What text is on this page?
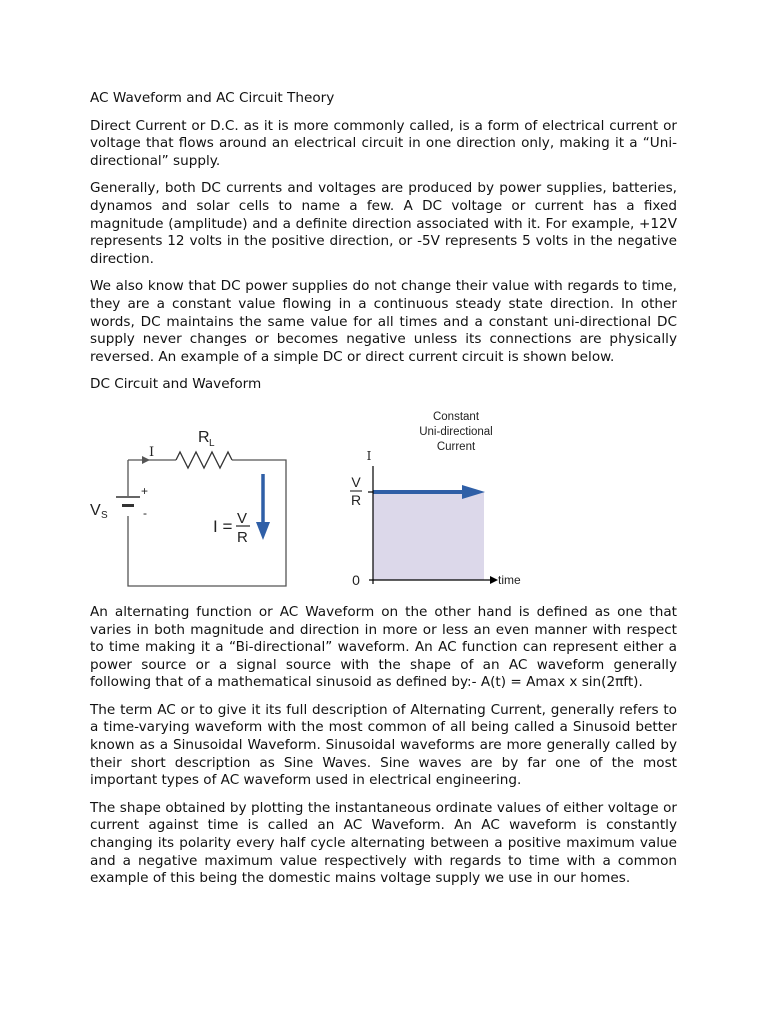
AC Waveform and AC Circuit Theory

Direct Current or D.C. as it is more commonly called, is a form of electrical current or voltage that flows around an electrical circuit in one direction only, making it a “Uni-directional” supply.

Generally, both DC currents and voltages are produced by power supplies, batteries, dynamos and solar cells to name a few. A DC voltage or current has a fixed magnitude (amplitude) and a definite direction associated with it. For example, +12V represents 12 volts in the positive direction, or -5V represents 5 volts in the negative direction.

We also know that DC power supplies do not change their value with regards to time, they are a constant value flowing in a continuous steady state direction. In other words, DC maintains the same value for all times and a constant uni-directional DC supply never changes or becomes negative unless its connections are physically reversed. An example of a simple DC or direct current circuit is shown below.

DC Circuit and Waveform

R L
I
V S
+
-
I = V
R
Constant
Uni-directional
Current
I
V
R
0	time

An alternating function or AC Waveform on the other hand is defined as one that varies in both magnitude and direction in more or less an even manner with respect to time making it a “Bi-directional” waveform. An AC function can represent either a power source or a signal source with the shape of an AC waveform generally following that of a mathematical sinusoid as defined by:- A(t) = Amax x sin(2πft).

The term AC or to give it its full description of Alternating Current, generally refers to a time-varying waveform with the most common of all being called a Sinusoid better known as a Sinusoidal Waveform. Sinusoidal waveforms are more generally called by their short description as Sine Waves. Sine waves are by far one of the most important types of AC waveform used in electrical engineering.

The shape obtained by plotting the instantaneous ordinate values of either voltage or current against time is called an AC Waveform. An AC waveform is constantly changing its polarity every half cycle alternating between a positive maximum value and a negative maximum value respectively with regards to time with a common example of this being the domestic mains voltage supply we use in our homes.
